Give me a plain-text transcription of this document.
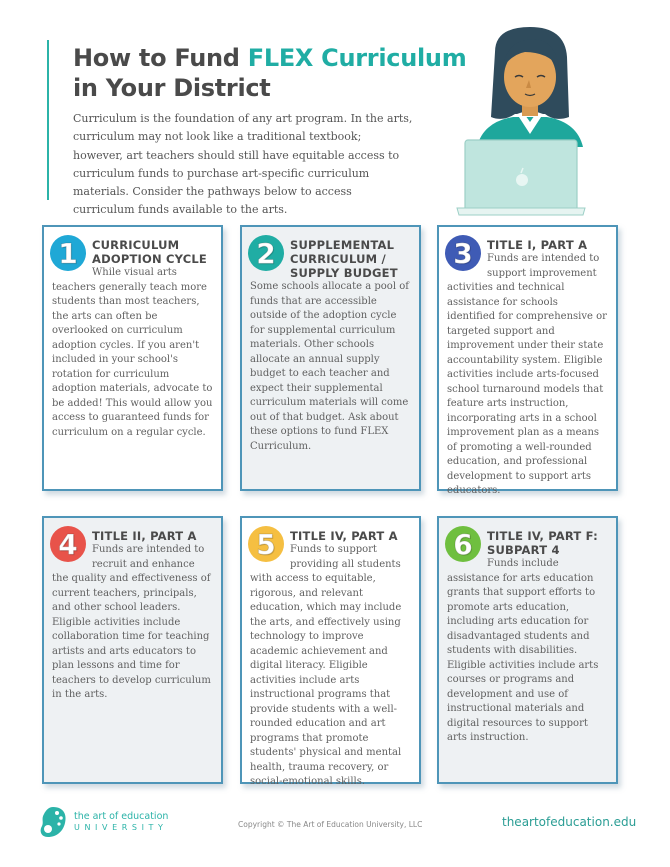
How to Fund FLEX Curriculum
in Your District

Curriculum is the foundation of any art program. In the arts, curriculum may not look like a traditional textbook; however, art teachers should still have equitable access to curriculum funds to purchase art-specific curriculum materials. Consider the pathways below to access curriculum funds available to the arts.

1	CURRICULUM ADOPTION CYCLE

While visual arts teachers generally teach more students than most teachers, the arts can often be overlooked on curriculum adoption cycles. If you aren't included in your school's rotation for curriculum adoption materials, advocate to be added! This would allow you access to guaranteed funds for curriculum on a regular cycle.

2	SUPPLEMENTAL CURRICULUM / SUPPLY BUDGET

Some schools allocate a pool of funds that are accessible outside of the adoption cycle for supplemental curriculum materials. Other schools allocate an annual supply budget to each teacher and expect their supplemental curriculum materials will come out of that budget. Ask about these options to fund FLEX Curriculum.

3	TITLE I, PART A

Funds are intended to support improvement activities and technical assistance for schools identified for comprehensive or targeted support and improvement under their state accountability system. Eligible activities include arts-focused school turnaround models that feature arts instruction, incorporating arts in a school improvement plan as a means of promoting a well-rounded education, and professional development to support arts educators.

4	TITLE II, PART A

Funds are intended to recruit and enhance the quality and effectiveness of current teachers, principals, and other school leaders. Eligible activities include collaboration time for teaching artists and arts educators to plan lessons and time for teachers to develop curriculum in the arts.

5	TITLE IV, PART A

Funds to support providing all students with access to equitable, rigorous, and relevant education, which may include the arts, and effectively using technology to improve academic achievement and digital literacy. Eligible activities include arts instructional programs that provide students with a well-rounded education and art programs that promote students' physical and mental health, trauma recovery, or social-emotional skills.

6	TITLE IV, PART F: SUBPART 4

Funds include assistance for arts education grants that support efforts to promote arts education, including arts education for disadvantaged students and students with disabilities. Eligible activities include arts courses or programs and development and use of instructional materials and digital resources to support arts instruction.

the art of education
UNIVERSITY	Copyright © The Art of Education University, LLC	theartofeducation.edu
